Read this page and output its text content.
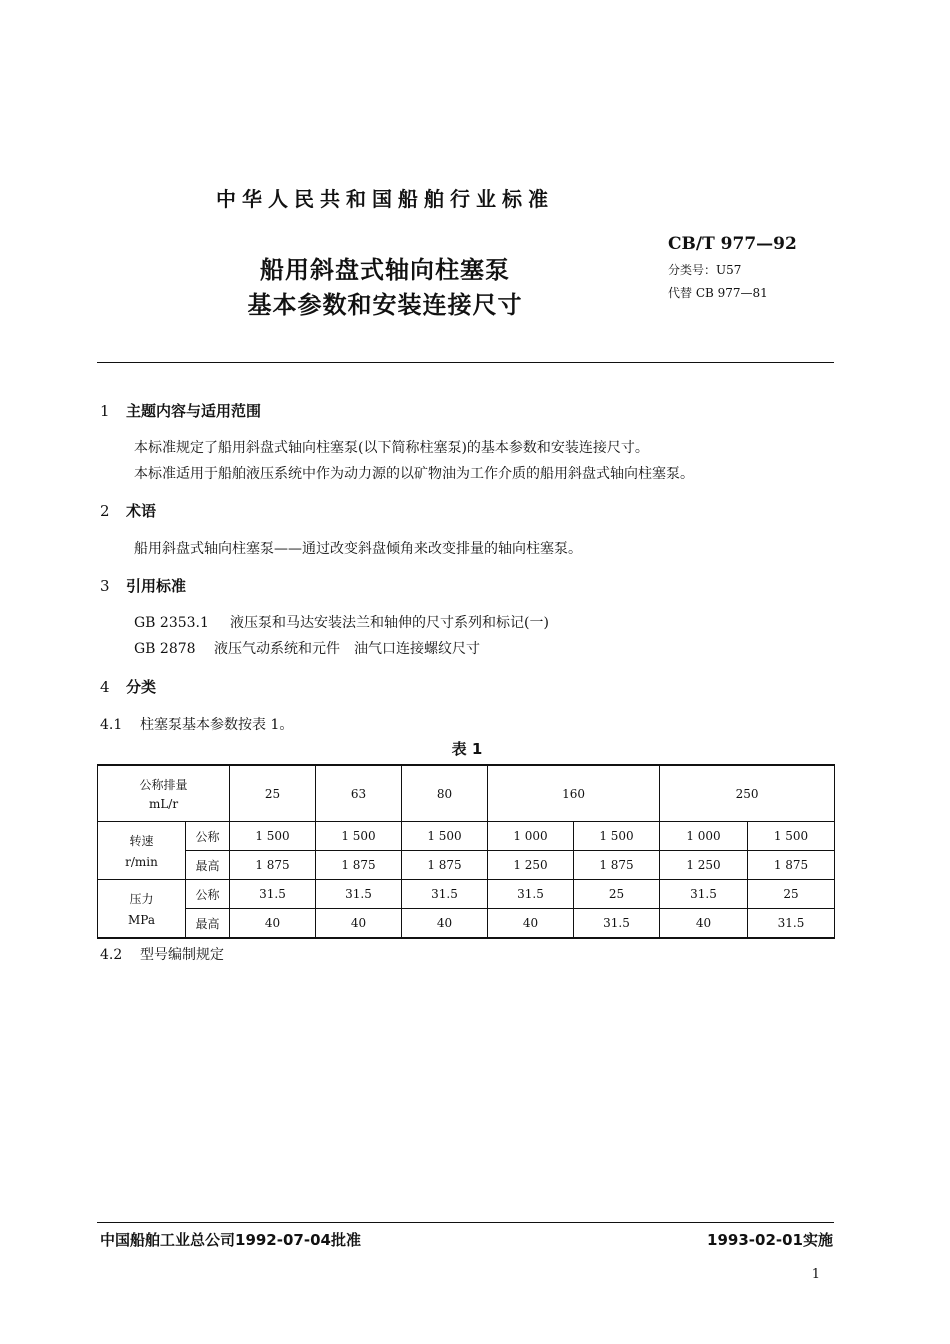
中华人民共和国船舶行业标准
船用斜盘式轴向柱塞泵
基本参数和安装连接尺寸
CB/T 977—92
分类号：U57
代替 CB 977—81
1 主题内容与适用范围
本标准规定了船用斜盘式轴向柱塞泵(以下简称柱塞泵)的基本参数和安装连接尺寸。
本标准适用于船舶液压系统中作为动力源的以矿物油为工作介质的船用斜盘式轴向柱塞泵。
2 术语
船用斜盘式轴向柱塞泵——通过改变斜盘倾角来改变排量的轴向柱塞泵。
3 引用标准
GB 2353.1 液压泵和马达安装法兰和轴伸的尺寸系列和标记(一)
GB 2878 液压气动系统和元件　油气口连接螺纹尺寸
4 分类
4.1 柱塞泵基本参数按表 1。
表 1
公称排量
mL/r		25	63	80	160		250	

转速
r/min	公称	1 500	1 500	1 500	1 000	1 500	1 000	1 500
	最高	1 875	1 875	1 875	1 250	1 875	1 250	1 875

压力
MPa	公称	31.5	31.5	31.5	31.5	25	31.5	25
	最高	40	40	40	40	31.5	40	31.5
4.2 型号编制规定
中国船舶工业总公司1992-07-04批准	1993-02-01实施
1
